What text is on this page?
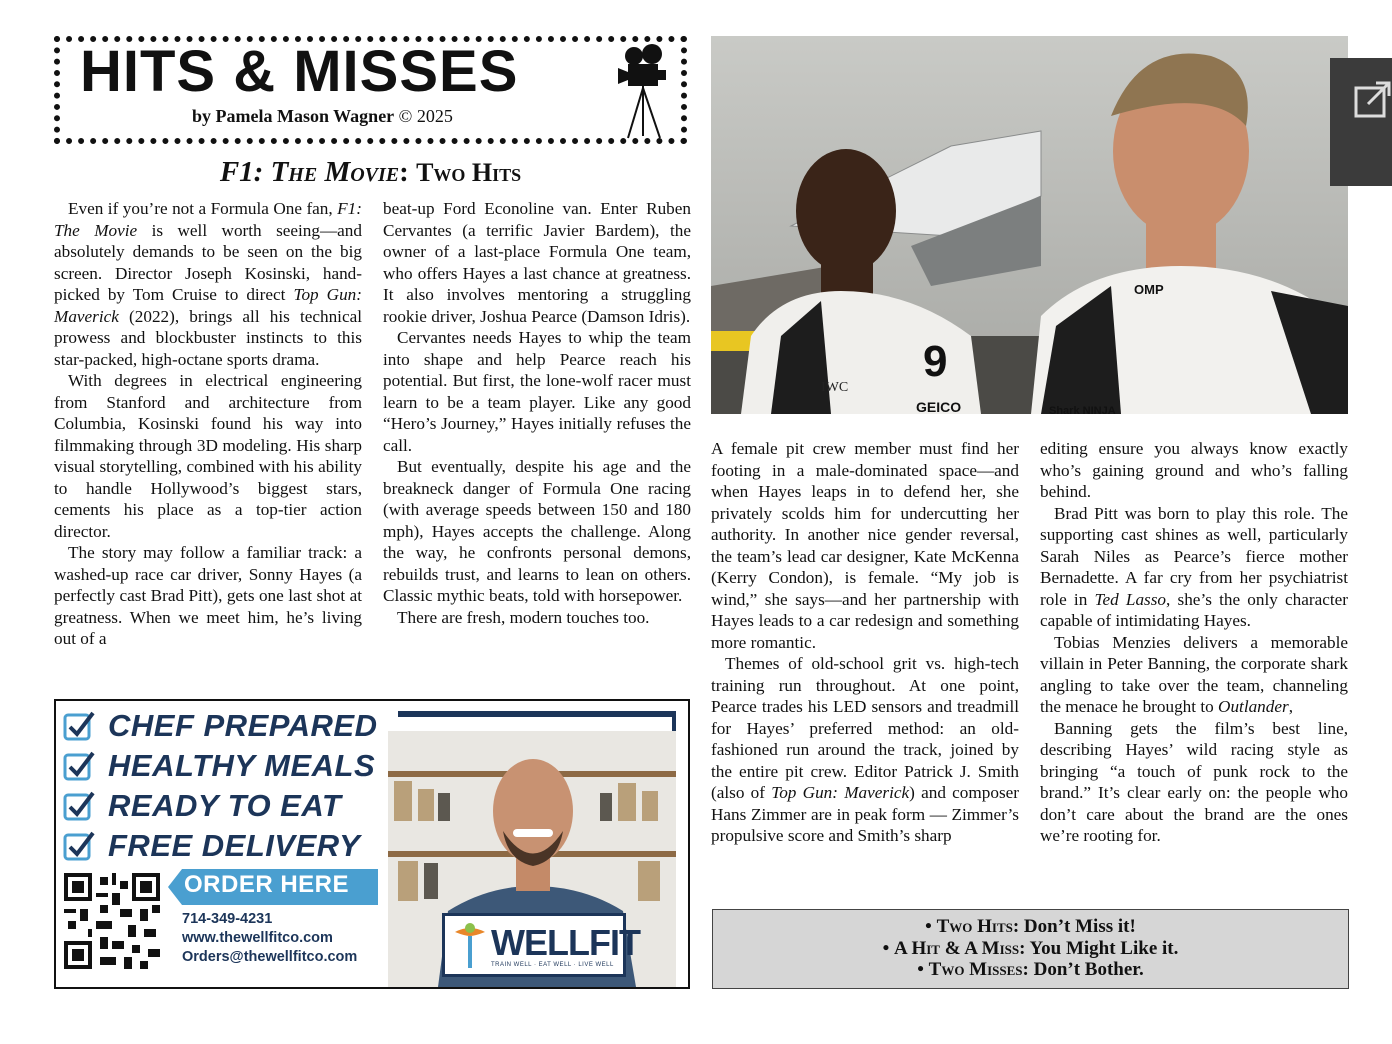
HITS & MISSES
by Pamela Mason Wagner © 2025
F1: The Movie: Two Hits

Even if you’re not a Formula One fan, F1: The Movie is well worth seeing—and absolutely demands to be seen on the big screen. Director Joseph Kosinski, hand-picked by Tom Cruise to direct Top Gun: Maverick (2022), brings all his technical prowess and blockbuster instincts to this star-packed, high-octane sports drama.

With degrees in electrical engineering from Stanford and architecture from Columbia, Kosinski found his way into filmmaking through 3D modeling. His sharp visual storytelling, combined with his ability to handle Hollywood’s biggest stars, cements his place as a top-tier action director.

The story may follow a familiar track: a washed-up race car driver, Sonny Hayes (a perfectly cast Brad Pitt), gets one last shot at greatness. When we meet him, he’s living out of a

beat-up Ford Econoline van. Enter Ruben Cervantes (a terrific Javier Bardem), the owner of a last-place Formula One team, who offers Hayes a last chance at greatness. It also involves mentoring a struggling rookie driver, Joshua Pearce (Damson Idris).

Cervantes needs Hayes to whip the team into shape and help Pearce reach his potential. But first, the lone-wolf racer must learn to be a team player. Like any good “Hero’s Journey,” Hayes initially refuses the call.

But eventually, despite his age and the breakneck danger of Formula One racing (with average speeds between 150 and 180 mph), Hayes accepts the challenge. Along the way, he confronts personal demons, rebuilds trust, and learns to lean on others. Classic mythic beats, told with horsepower.

There are fresh, modern touches too.

A female pit crew member must find her footing in a male-dominated space—and when Hayes leaps in to defend her, she privately scolds him for undercutting her authority. In another nice gender reversal, the team’s lead car designer, Kate McKenna (Kerry Condon), is female. “My job is wind,” she says—and her partnership with Hayes leads to a car redesign and something more romantic.

Themes of old-school grit vs. high-tech training run throughout. At one point, Pearce trades his LED sensors and treadmill for Hayes’ preferred method: an old-fashioned run around the track, joined by the entire pit crew. Editor Patrick J. Smith (also of Top Gun: Maverick) and composer Hans Zimmer are in peak form — Zimmer’s propulsive score and Smith’s sharp

editing ensure you always know exactly who’s gaining ground and who’s falling behind.

Brad Pitt was born to play this role. The supporting cast shines as well, particularly Sarah Niles as Pearce’s fierce mother Bernadette. A far cry from her psychiatrist role in Ted Lasso, she’s the only character capable of intimidating Hayes.

Tobias Menzies delivers a memorable villain in Peter Banning, the corporate shark angling to take over the team, channeling the menace he brought to Outlander,

Banning gets the film’s best line, describing Hayes’ wild racing style as bringing “a touch of punk rock to the brand.” It’s clear early on: the people who don’t care about the brand are the ones we’re rooting for.

9
GEICO	Shark NINJA
OMP
IWC
CHEF PREPARED
HEALTHY MEALS
READY TO EAT
FREE DELIVERY
ORDER HERE
714-349-4231
www.thewellfitco.com
Orders@thewellfitco.com	WELLFIT
TRAIN WELL · EAT WELL · LIVE WELL
• Two Hits: Don’t Miss it!
• A Hit & A Miss: You Might Like it.
• Two Misses: Don’t Bother.
